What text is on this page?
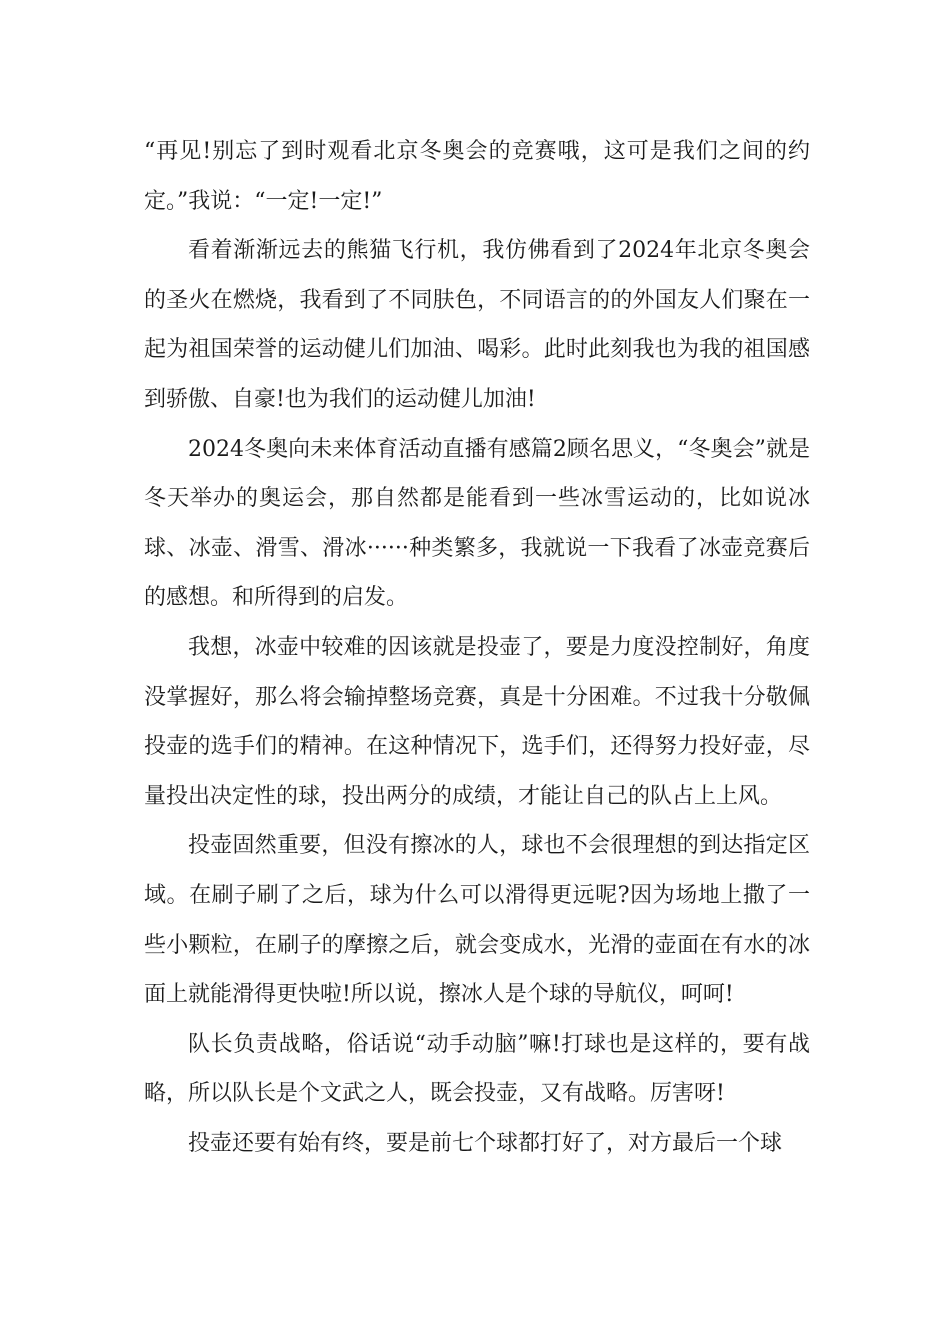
“再见!别忘了到时观看北京冬奥会的竞赛哦，这可是我们之间的约定。”我说：“一定!一定!”

看着渐渐远去的熊猫飞行机，我仿佛看到了2024年北京冬奥会的圣火在燃烧，我看到了不同肤色，不同语言的的外国友人们聚在一起为祖国荣誉的运动健儿们加油、喝彩。此时此刻我也为我的祖国感到骄傲、自豪!也为我们的运动健儿加油!

2024冬奥向未来体育活动直播有感篇2顾名思义，“冬奥会”就是冬天举办的奥运会，那自然都是能看到一些冰雪运动的，比如说冰球、冰壶、滑雪、滑冰······种类繁多，我就说一下我看了冰壶竞赛后的感想。和所得到的启发。

我想，冰壶中较难的因该就是投壶了，要是力度没控制好，角度没掌握好，那么将会输掉整场竞赛，真是十分困难。不过我十分敬佩投壶的选手们的精神。在这种情况下，选手们，还得努力投好壶，尽量投出决定性的球，投出两分的成绩，才能让自己的队占上上风。

投壶固然重要，但没有擦冰的人，球也不会很理想的到达指定区域。在刷子刷了之后，球为什么可以滑得更远呢?因为场地上撒了一些小颗粒，在刷子的摩擦之后，就会变成水，光滑的壶面在有水的冰面上就能滑得更快啦!所以说，擦冰人是个球的导航仪，呵呵!

队长负责战略，俗话说“动手动脑”嘛!打球也是这样的，要有战略，所以队长是个文武之人，既会投壶，又有战略。厉害呀!

投壶还要有始有终，要是前七个球都打好了，对方最后一个球
